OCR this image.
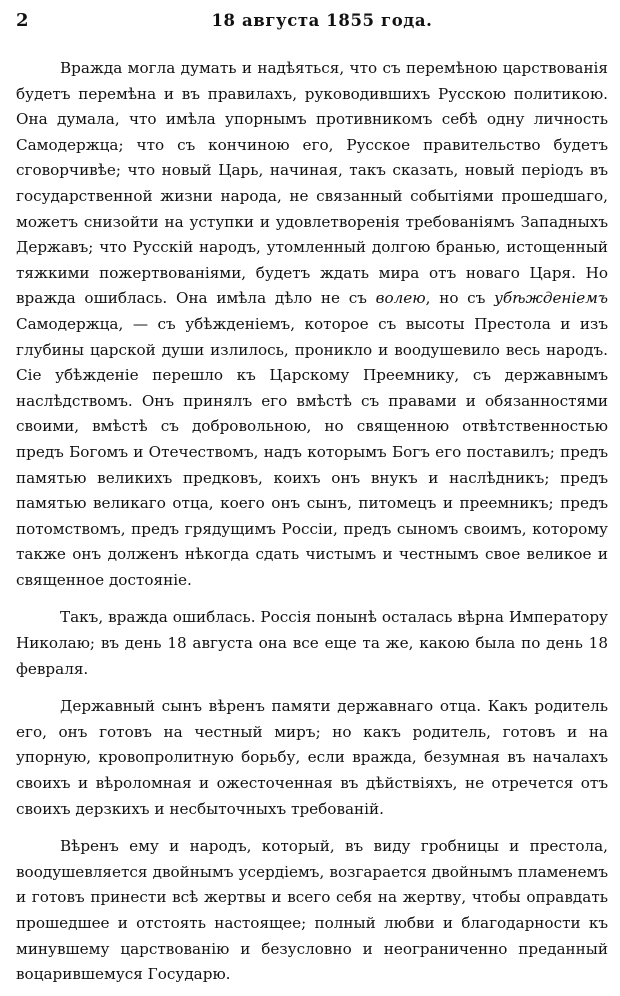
2	18 августа 1855 года.

Вражда могла думать и надѣяться, что съ перемѣною царствованія будетъ перемѣна и въ правилахъ, руководившихъ Русскою политикою. Она думала, что имѣла упорнымъ противникомъ себѣ одну личность Самодержца; что съ кончиною его, Русское правительство будетъ сговорчивѣе; что новый Царь, начиная, такъ сказать, новый періодъ въ государственной жизни народа, не связанный событіями прошедшаго, можетъ снизойти на уступки и удовлетворенія требованіямъ Западныхъ Державъ; что Русскій народъ, утомленный долгою бранью, истощенный тяжкими пожертвованіями, будетъ ждать мира отъ новаго Царя. Но вражда ошиблась. Она имѣла дѣло не съ волею, но съ убѣжденіемъ Самодержца, — съ убѣжденіемъ, которое съ высоты Престола и изъ глубины царской души излилось, проникло и воодушевило весь народъ. Сіе убѣжденіе перешло къ Царскому Преемнику, съ державнымъ наслѣдствомъ. Онъ принялъ его вмѣстѣ съ правами и обязанностями своими, вмѣстѣ съ добровольною, но священною отвѣтственностью предъ Богомъ и Отечествомъ, надъ которымъ Богъ его поставилъ; предъ памятью великихъ предковъ, коихъ онъ внукъ и наслѣдникъ; предъ памятью великаго отца, коего онъ сынъ, питомецъ и преемникъ; предъ потомствомъ, предъ грядущимъ Россіи, предъ сыномъ своимъ, которому также онъ долженъ нѣкогда сдать чистымъ и честнымъ свое великое и священное достояніе.

Такъ, вражда ошиблась. Россія понынѣ осталась вѣрна Императору Николаю; въ день 18 августа она все еще та же, какою была по день 18 февраля.

Державный сынъ вѣренъ памяти державнаго отца. Какъ родитель его, онъ готовъ на честный миръ; но какъ родитель, готовъ и на упорную, кровопролитную борьбу, если вражда, безумная въ началахъ своихъ и вѣроломная и ожесточенная въ дѣйствіяхъ, не отречется отъ своихъ дерзкихъ и несбыточныхъ требованій.

Вѣренъ ему и народъ, который, въ виду гробницы и престола, воодушевляется двойнымъ усердіемъ, возгарается двойнымъ пламенемъ и готовъ принести всѣ жертвы и всего себя на жертву, чтобы оправдать прошедшее и отстоять настоящее; полный любви и благодарности къ минувшему царствованію и безусловно и неограниченно преданный воцарившемуся Государю.
